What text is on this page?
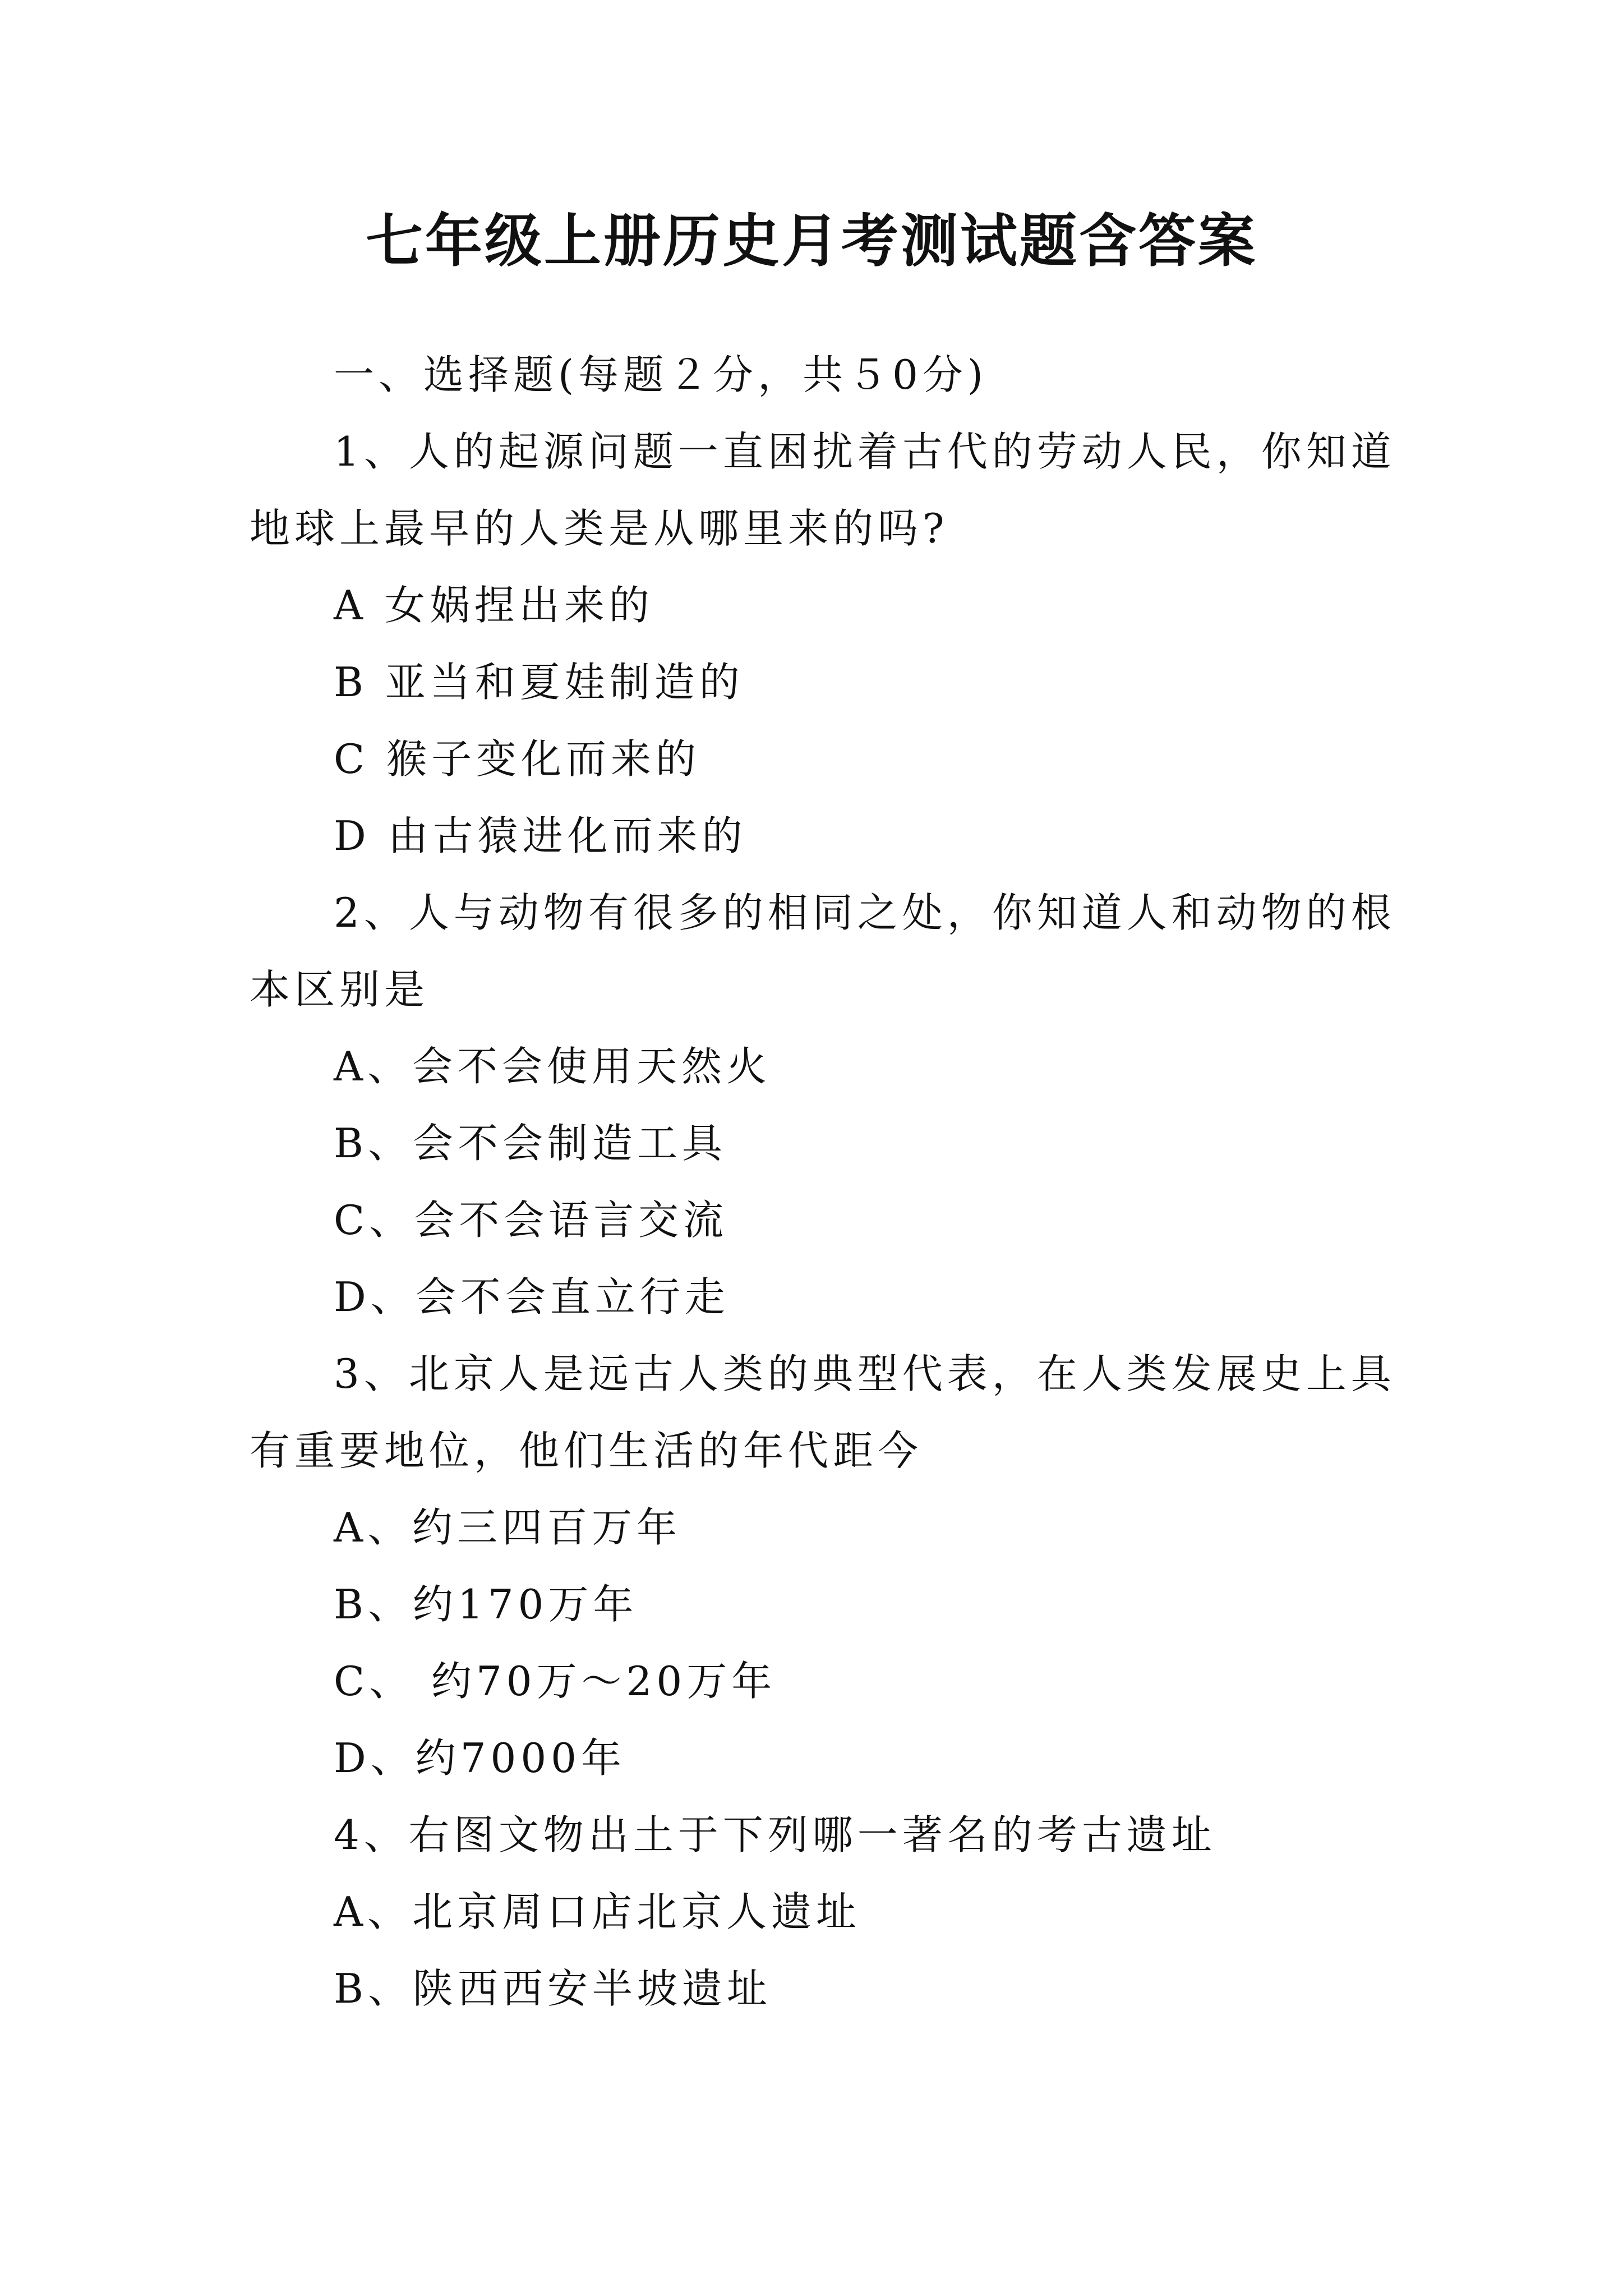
七年级上册历史月考测试题含答案
一、选择题(每题２分，共５0分)
1、人的起源问题一直困扰着古代的劳动人民，你知道
地球上最早的人类是从哪里来的吗?
A 女娲捏出来的
B 亚当和夏娃制造的
C 猴子变化而来的
D 由古猿进化而来的
2、人与动物有很多的相同之处，你知道人和动物的根
本区别是
A、会不会使用天然火
B、会不会制造工具
C、会不会语言交流
D、会不会直立行走
3、北京人是远古人类的典型代表，在人类发展史上具
有重要地位，他们生活的年代距今
A、约三四百万年
B、约170万年
C、 约70万～20万年
D、约7000年
4、右图文物出土于下列哪一著名的考古遗址
A、北京周口店北京人遗址
B、陕西西安半坡遗址
